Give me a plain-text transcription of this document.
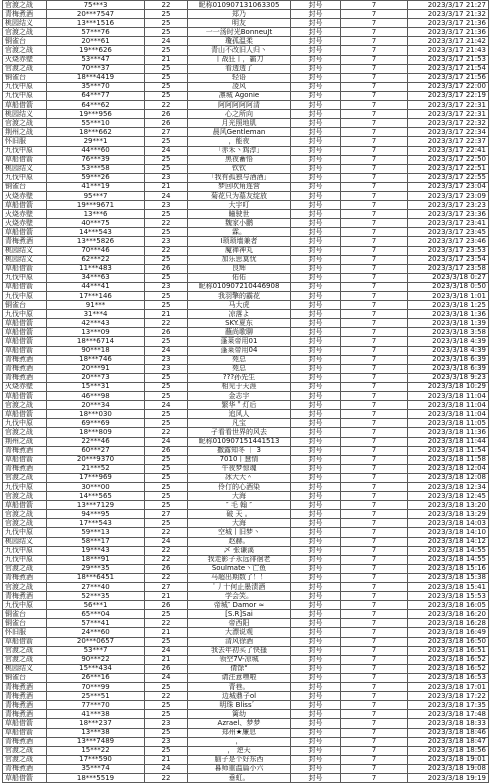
官渡之战	75***3	22	昵称010907131063305	封号	7	2023/3/17 21:27
青梅煮酒	20***7547	25	郑乃	封号	7	2023/3/17 21:32
桃园结义	13***1516	25	明友	封号	7	2023/3/17 21:36
官渡之战	57***76	25	一一汤时光BonneuJt	封号	7	2023/3/17 21:36
铜雀台	20***61	24	瓊孤温柔	封号	7	2023/3/17 21:42
官渡之战	19***626	25	青山不改旧人归丶	封号	7	2023/3/17 21:43
火烧赤壁	53***47	21	丨战狂丨，霸刀	封号	7	2023/3/17 21:53
官渡之战	70***37	25	看透透了	封号	7	2023/3/17 21:54
铜雀台	18***4419	25	轻语	封号	7	2023/3/17 21:56
九伐中原	35***70	25	凌风	封号	7	2023/3/17 22:00
九伐中原	64***77	25	凛城 Agonie	封号	7	2023/3/17 22:19
草船借箭	64***62	22	阿阿阿阿阿清	封号	7	2023/3/17 22:31
桃园结义	19***956	26	心之所向	封号	7	2023/3/17 22:31
官渡之战	55***10	26	月光照地肌	封号	7	2023/3/17 22:32
荆州之战	18***662	27	晨风Gentleman	封号	7	2023/3/17 22:34
怀旧服	29***1	25	，能夜	封号	7	2023/3/17 22:37
九伐中原	44***60	24	「赤禾丶鸩淳」	封号	7	2023/3/17 22:41
草船借箭	76***39	25	黑夜蓄悟	封号	7	2023/3/17 22:50
桃园结义	53***58	25	钦钦	封号	7	2023/3/17 22:51
九伐中原	59***26	23	「我有孤独与酒酒」	封号	7	2023/3/17 22:55
铜雀台	41***19	21	梦回吹角连营	封号	7	2023/3/17 23:04
火烧赤壁	95***7	24	菊花只为墓友绽放	封号	7	2023/3/17 23:09
草船借箭	19***9671	23	大宇叮	封号	7	2023/3/17 23:23
火烧赤壁	13***6	25	瞳驶世	封号	7	2023/3/17 23:36
火烧赤壁	40***75	22	魏家小鹏	封号	7	2023/3/17 23:41
草船借箭	14***543	25	霖。	封号	7	2023/3/17 23:45
青梅煮酒	13***5826	23	I琐琐墙兼者	封号	7	2023/3/17 23:46
桃园结义	70***46	22	魔禅神丸	封号	7	2023/3/17 23:53
桃园结义	62***22	25	加乐思莫忧	封号	7	2023/3/17 23:54
草船借箭	11***483	26	良辉	封号	7	2023/3/17 23:58
九伐中原	34***63	25	佑佑	封号	7	2023/3/18 0:27
草船借箭	44***41	23	昵称010907210446908	封号	7	2023/3/18 0:50
九伐中原	17***146	25	我羽擎的霸花	封号	7	2023/3/18 1:01
铜雀台	91***	25	马大虎	封号	7	2023/3/18 1:25
九伐中原	31***4	21	凉落よ	封号	7	2023/3/18 1:36
草船借箭	42***43	22	SKY.夏东	封号	7	2023/3/18 1:39
草船借箭	13***09	26	蘸尚歌聊	封号	7	2023/3/18 3:58
草船借箭	18***6714	25	蓬莱帝用01	封号	7	2023/3/18 4:39
草船借箭	90***18	24	蓬莱帝用04	封号	7	2023/3/18 4:39
青梅煮酒	18***746	23	苑总	封号	7	2023/3/18 6:39
青梅煮酒	20***91	23	苑总	封号	7	2023/3/18 6:39
青梅煮酒	20***73	25	???孙先生	封号	7	2023/3/18 9:23
火烧赤壁	15***31	25	相见于天涯	封号	7	2023/3/18 10:29
草船借箭	46***98	25	金志宇	封号	7	2023/3/18 11:04
官渡之战	20***34	24	繁华＂灯后	封号	7	2023/3/18 11:04
草船借箭	18***030	25	追风人	封号	7	2023/3/18 11:04
九伐中原	69***69	25	凡宝	封号	7	2023/3/18 11:05
官渡之战	18***809	22	孑看看世界的风去	封号	7	2023/3/18 11:36
荆州之战	22***46	24	昵称010907151441513	封号	7	2023/3/18 11:44
青梅煮酒	60***27	26	撒露知冬 ｜ 3	封号	7	2023/3/18 11:54
草船借箭	20***9370	25	7010丨慧情	封号	7	2023/3/18 11:58
青梅煮酒	21***52	25	午夜梦惊魂	封号	7	2023/3/18 12:04
官渡之战	17***969	25	冰大大＾	封号	7	2023/3/18 12:08
九伐中原	30***00	25	伶仃的心酒染	封号	7	2023/3/18 12:34
官渡之战	14***565	25	大海	封号	7	2023/3/18 12:45
草船借箭	13***7129	25	″ 毛 翰 ″	封号	7	2023/3/18 13:20
官渡之战	94***95	27	破 天 。	封号	7	2023/3/18 13:29
官渡之战	17***543	25	大海	封号	7	2023/3/18 14:03
九伐中原	59***13	22	空城丨旧梦丶	封号	7	2023/3/18 14:10
桃园结义	58***17	24	赵赫。	封号	7	2023/3/18 14:12
九伐中原	19***43	22	乄 张谦溪	封号	7	2023/3/18 14:55
九伐中原	18***91	22	我走影子永远徘徊老	封号	7	2023/3/18 14:55
官渡之战	29***35	26	Soulmate丶亡鱼	封号	7	2023/3/18 15:16
青梅煮酒	18***6451	22	马超出期数了！！	封号	7	2023/3/18 15:38
官渡之战	27***40	27	ﾟ丿十何止墨渍酒	封号	7	2023/3/18 15:41
青梅煮酒	52***35	21	学会笑。	封号	7	2023/3/18 15:53
九伐中原	56***1	26	帝城″ Damor ≈	封号	7	2023/3/18 16:05
铜雀台	65***04	25	[S.R]Sai	封号	7	2023/3/18 16:20
铜雀台	57***41	22	帝西阳	封号	7	2023/3/18 16:28
怀旧服	24***60	21	大漂说观	封号	7	2023/3/18 16:49
草船借箭	20***0657	25	清风徐酒	封号	7	2023/3/18 16:50
官渡之战	53***7	24	我去年初买了快搔	封号	7	2023/3/18 16:51
官渡之战	90***22	21	领空7V-凉城	封号	7	2023/3/18 16:52
桃园结义	15***434	26	倩馀°	封号	7	2023/3/18 16:52
铜雀台	26***16	24	请注意嘿啦	封号	7	2023/3/18 16:53
青梅煮酒	70***99	25	青巷。	封号	7	2023/3/18 17:01
青梅煮酒	25***51	22	边城鼎子ol	封号	7	2023/3/18 17:22
青梅煮酒	77***70	25	明珠 Bliss゛	封号	7	2023/3/18 17:35
青梅煮酒	41***38	25	篱幼	封号	7	2023/3/18 17:48
草船借箭	18***237	23	Azrael、梦梦	封号	7	2023/3/18 18:33
草船借箭	13***38	25	郑州★廉息	封号	7	2023/3/18 18:46
青梅煮酒	13***7489	23	，	封号	7	2023/3/18 18:47
官渡之战	15***22	25	， 逆天	封号	7	2023/3/18 18:56
官渡之战	17***590	21	脑子是个好东西	封号	7	2023/3/18 19:01
青梅煮酒	35***74	24	暮师重温篇小六	封号	7	2023/3/18 19:08
草船借箭	18***5519	22	垂虹。	封号	7	2023/3/18 19:19
